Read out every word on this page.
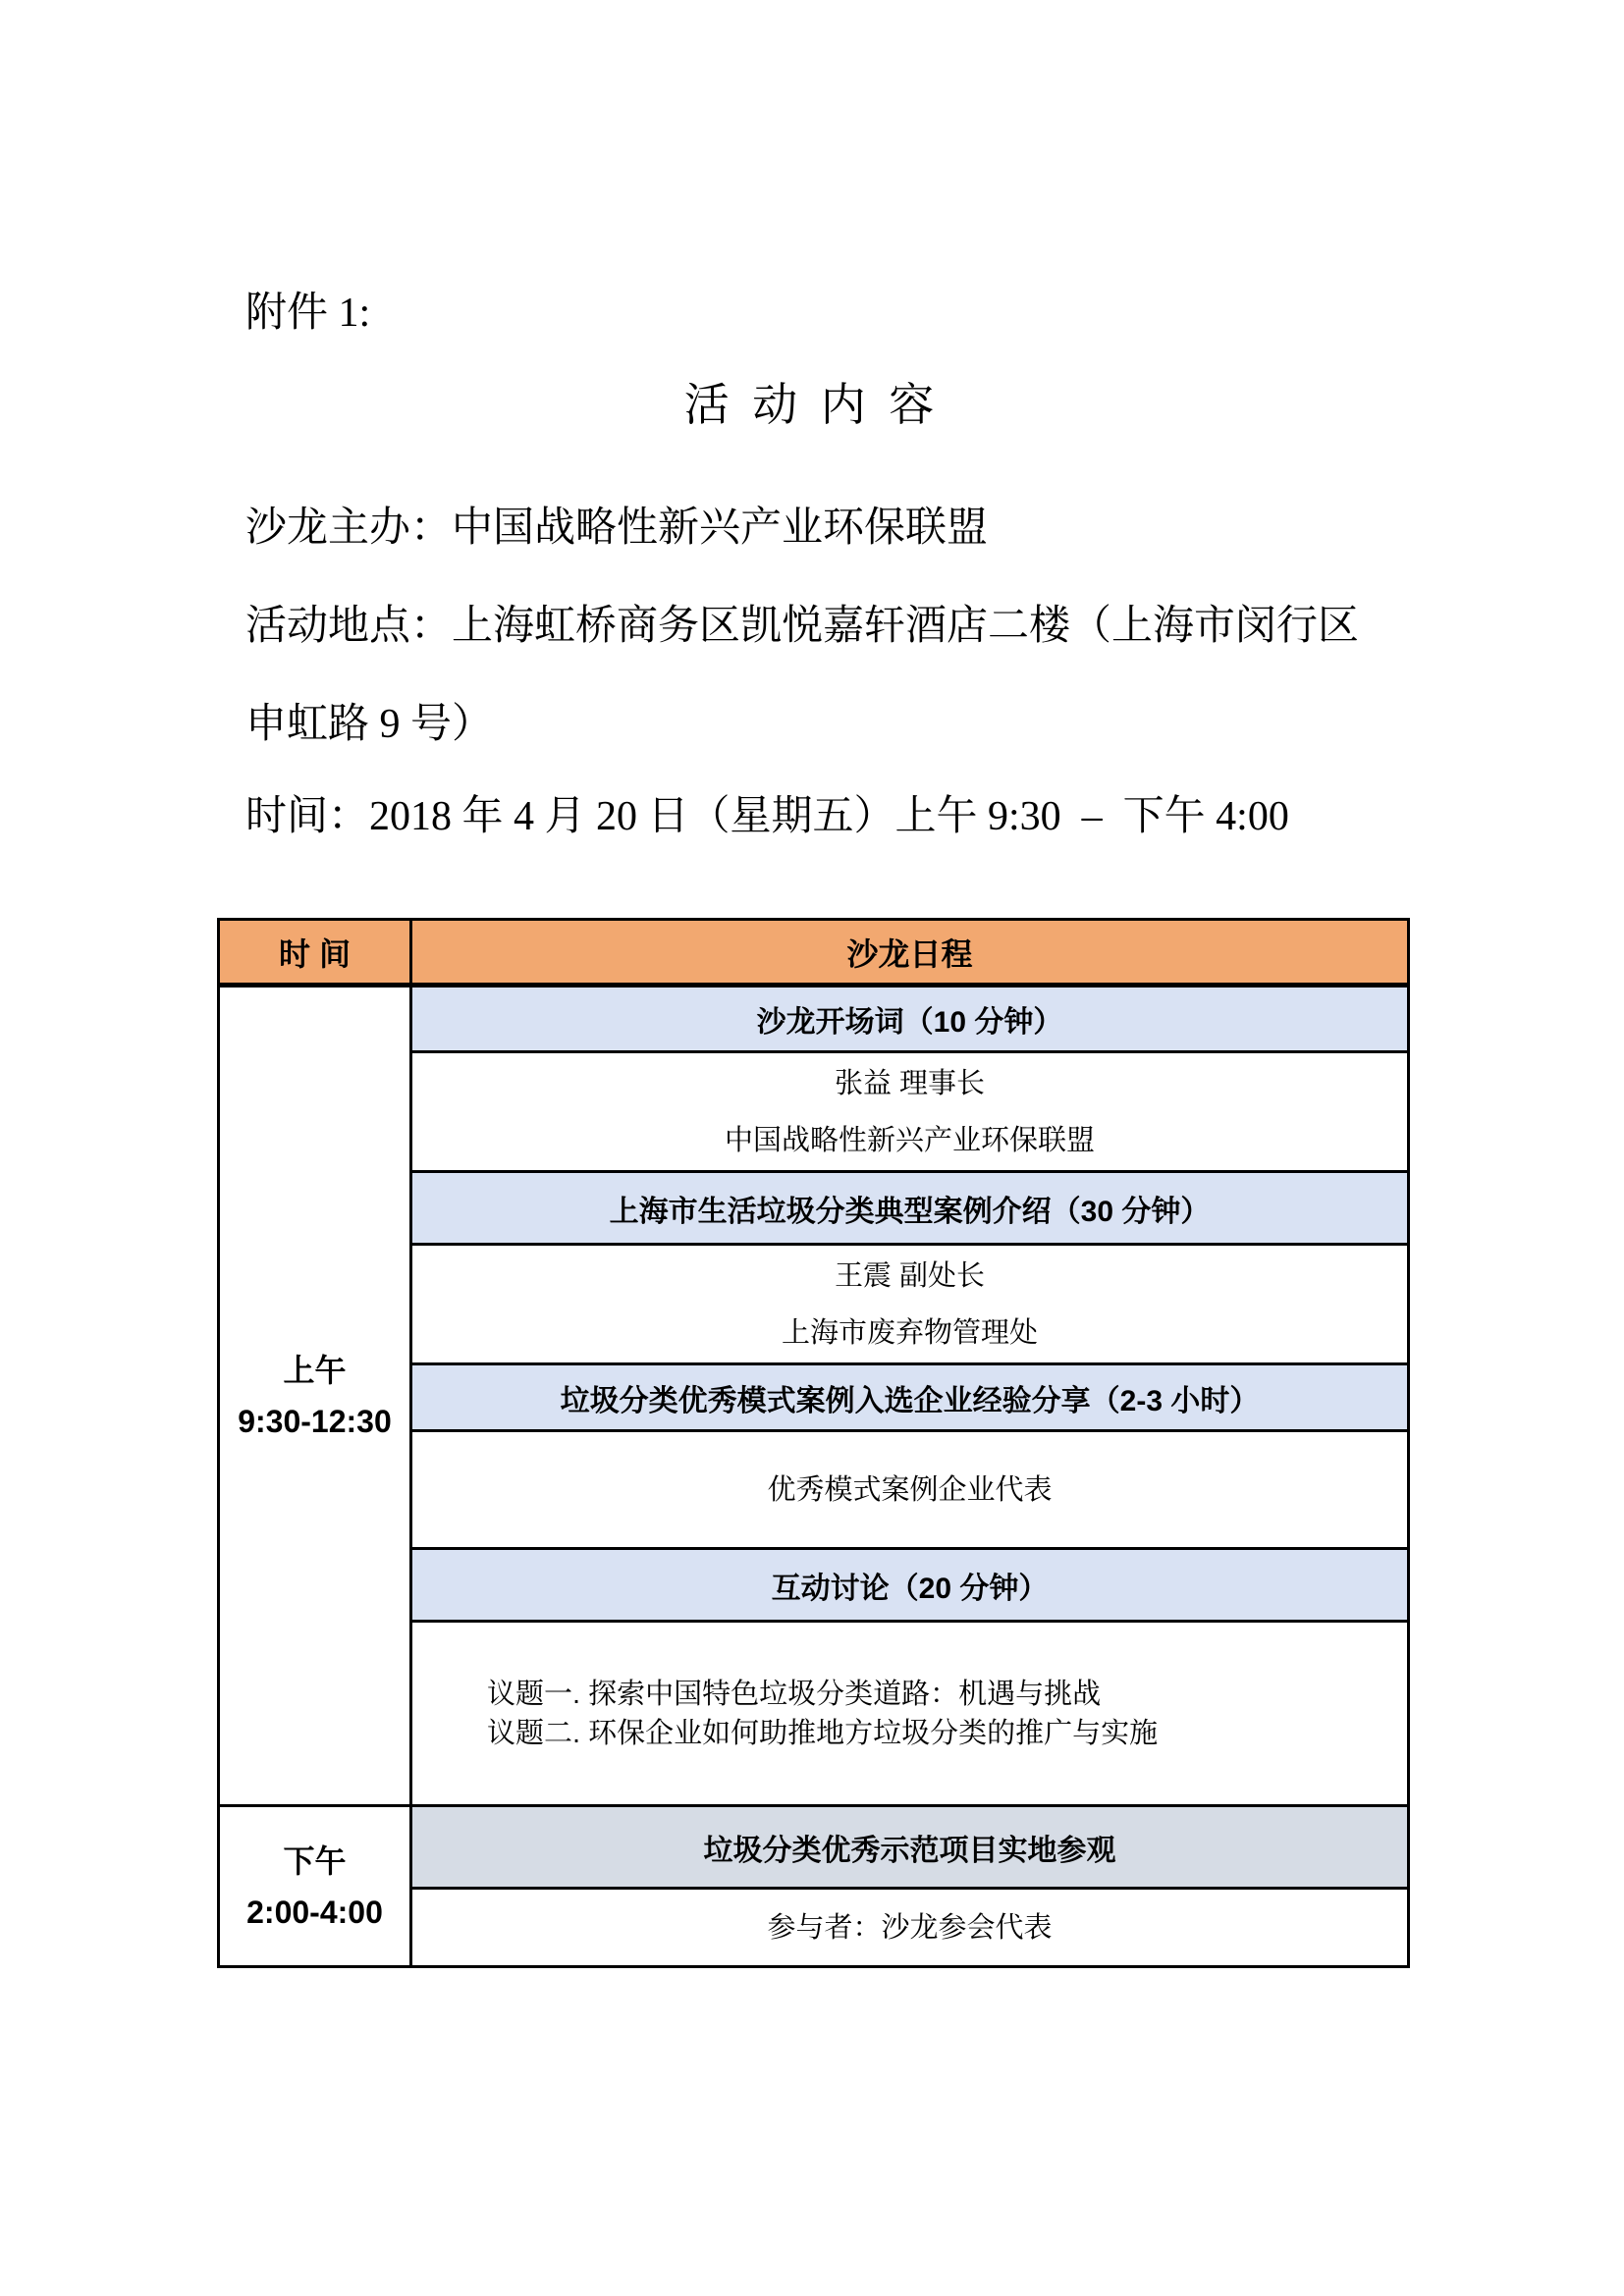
附件 1:
活 动 内 容

沙龙主办：中国战略性新兴产业环保联盟

活动地点：上海虹桥商务区凯悦嘉轩酒店二楼（上海市闵行区

申虹路 9 号）

时间：2018 年 4 月 20 日（星期五）上午 9:30  –  下午 4:00

时 间	沙龙日程

上午
9:30-12:30	沙龙开场词（10 分钟）

	张益 理事长
中国战略性新兴产业环保联盟

	上海市生活垃圾分类典型案例介绍（30 分钟）

	王震 副处长
上海市废弃物管理处

	垃圾分类优秀模式案例入选企业经验分享（2-3 小时）

	优秀模式案例企业代表

	互动讨论（20 分钟）

	议题一. 探索中国特色垃圾分类道路：机遇与挑战
议题二. 环保企业如何助推地方垃圾分类的推广与实施

下午
2:00-4:00	垃圾分类优秀示范项目实地参观

	参与者：沙龙参会代表
